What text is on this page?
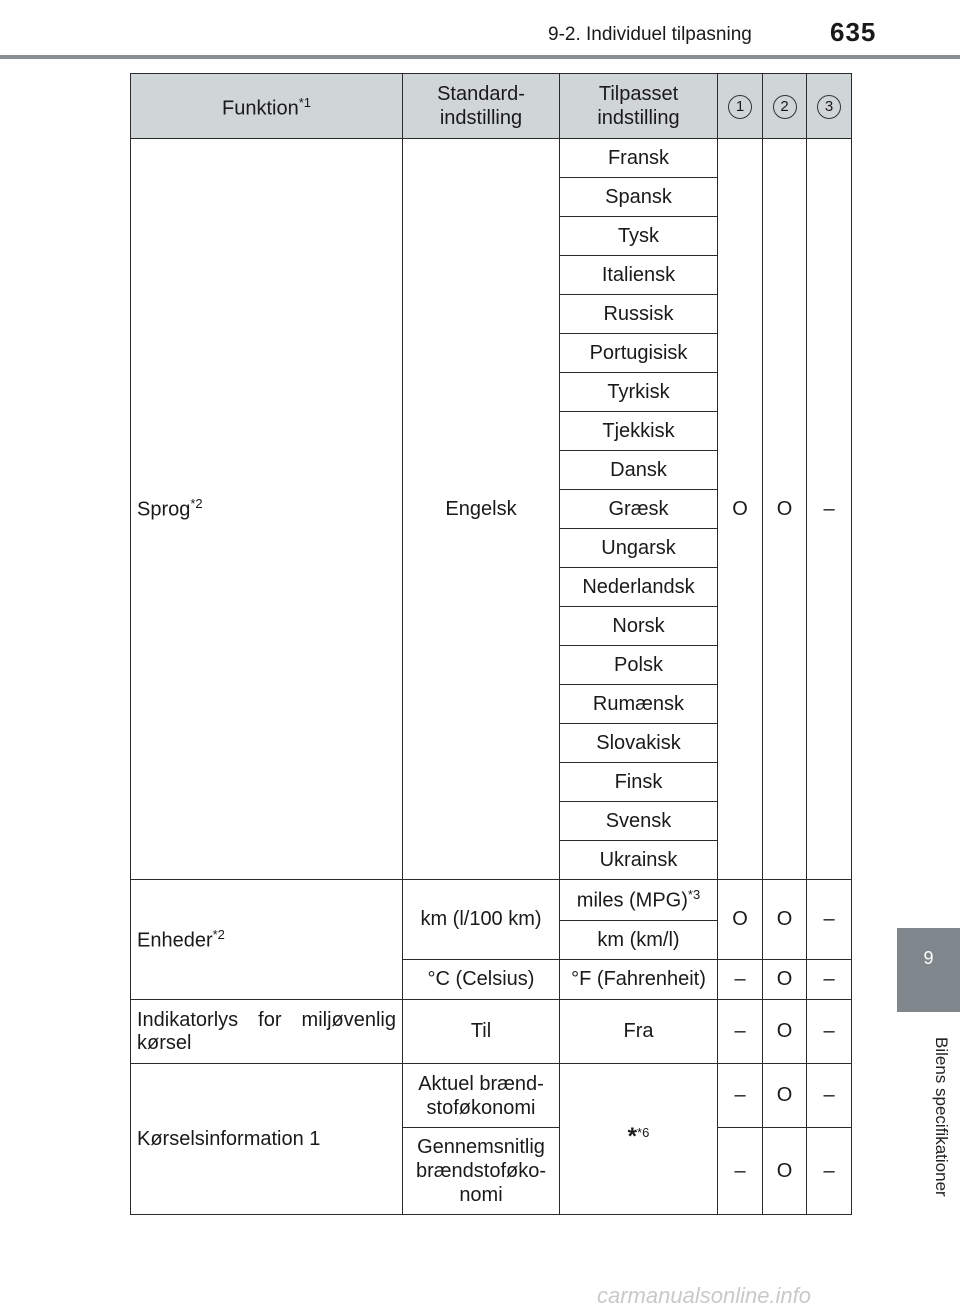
9-2. Individuel tilpasning	635
9
Bilens specifikationer
Funktion$^{*1}$	Standard-indstilling	Tilpasset indstilling	1	2	3
Sprog$^{*2}$	Engelsk	Fransk	O	O	–
		Spansk			
		Tysk			
		Italiensk			
		Russisk			
		Portugisisk			
		Tyrkisk			
		Tjekkisk			
		Dansk			
		Græsk			
		Ungarsk			
		Nederlandsk			
		Norsk			
		Polsk			
		Rumænsk			
		Slovakisk			
		Finsk			
		Svensk			
		Ukrainsk			
Enheder$^{*2}$	km (l/100 km)	miles (MPG)$^{*3}$	O	O	–
		km (km/l)			
	°C (Celsius)	°F (Fahrenheit)	–	O	–
Indikatorlys for miljøvenlig kørsel	Til	Fra	–	O	–
Kørselsinformation 1	Aktuel brænd-stoføkonomi	*$^{*6}$	–	O	–
	Gennemsnitlig brændstoføko-nomi		–	O	–
carmanualsonline.info
